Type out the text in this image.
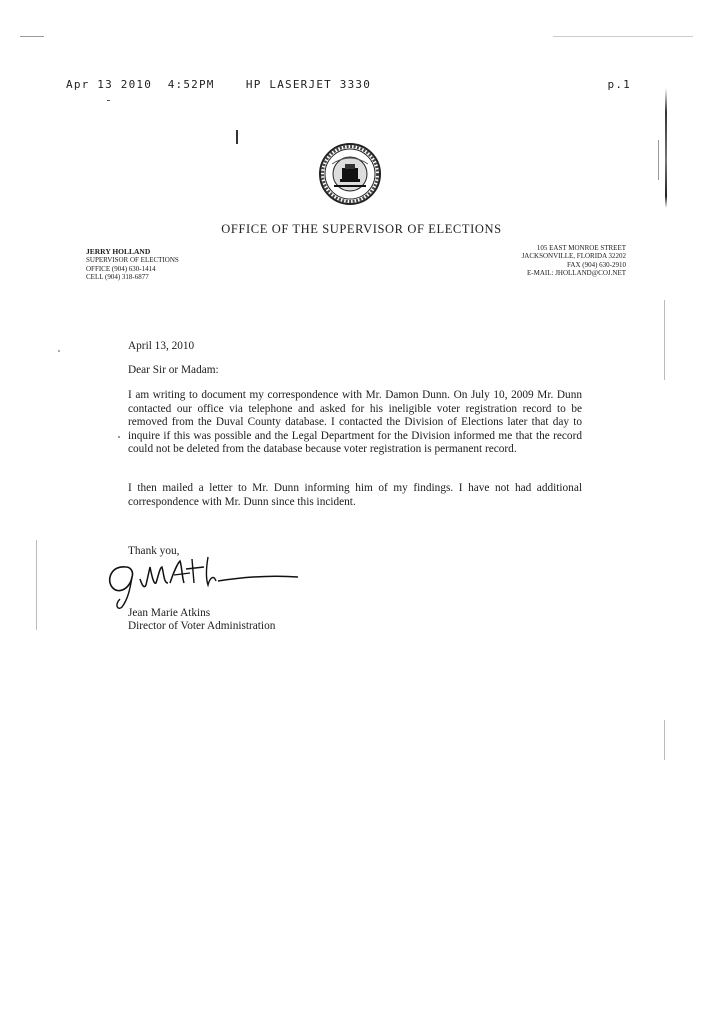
Apr 13 2010  4:52PM    HP LASERJET 3330	p.1
OFFICE OF THE SUPERVISOR OF ELECTIONS
JERRY HOLLAND
SUPERVISOR OF ELECTIONS
OFFICE (904) 630-1414
CELL (904) 318-6877
105 EAST MONROE STREET
JACKSONVILLE, FLORIDA 32202
FAX (904) 630-2910
E-MAIL: JHOLLAND@COJ.NET
April 13, 2010
Dear Sir or Madam:
I am writing to document my correspondence with Mr. Damon Dunn. On July 10, 2009 Mr. Dunn contacted our office via telephone and asked for his ineligible voter registration record to be removed from the Duval County database. I contacted the Division of Elections later that day to inquire if this was possible and the Legal Department for the Division informed me that the record could not be deleted from the database because voter registration is permanent record.
I then mailed a letter to Mr. Dunn informing him of my findings. I have not had additional correspondence with Mr. Dunn since this incident.
Thank you,
Jean Marie Atkins
Director of Voter Administration
